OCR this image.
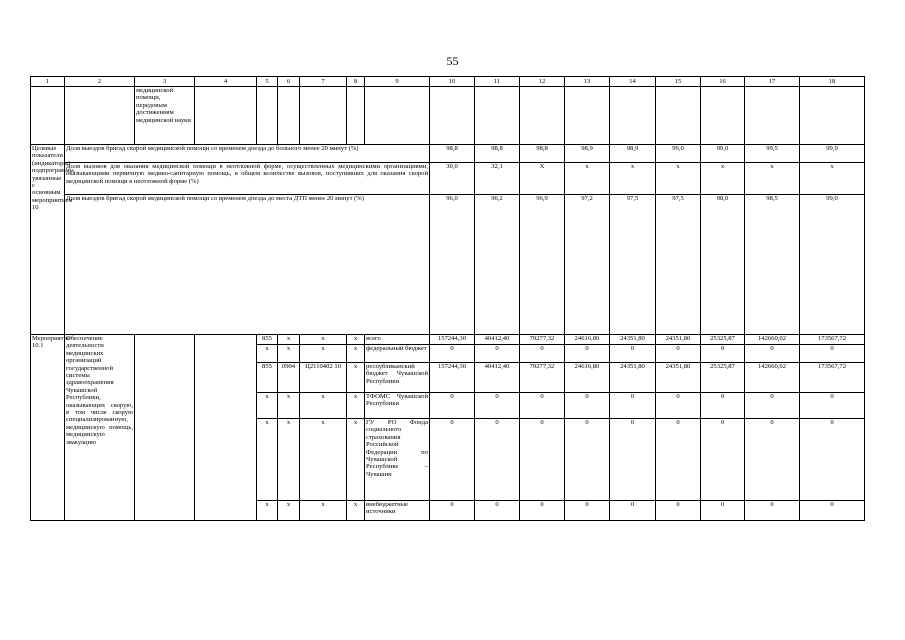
55
1	2	3	4	5	6	7	8	9	10	11	12	13	14	15	16	17	18
		медицинской помощи, передовым достижениям медицинской науки															
Целевые показатели (индикаторы) подпрограммы, увязанные с основным мероприятием 10	Доля выездов бригад скорой медицинской помощи со временем доезда до больного менее 20 минут (%)								98,8	98,8	98,8	98,9	98,9	99,0	99,0	99,5	99,9
	Доля вызовов для оказания медицинской помощи в неотложной форме, осуществленных медицинскими организациями, оказывающими первичную медико-санитарную помощь, в общем количестве вызовов, поступивших для оказания скорой медицинской помощи в неотложной форме (%)								30,0	32,1	Х	х	х	х	х	х	х
	Доля выездов бригад скорой медицинской помощи со временем доезда до места ДТП менее 20 минут (%)								96,0	96,2	96,9	97,2	97,5	97,5	98,0	98,5	99,0
Мероприятие 10.1	Обеспечение деятельности медицинских организаций государственной системы здравоохранения Чувашской Республики, оказывающих скорую, в том числе скорую специализированную, медицинскую помощь, медицинскую эвакуацию			855	х	х	х	всего	157244,30	40412,40	79277,32	24616,80	24351,80	24351,80	25325,87	142660,02	173567,72
				х	х	х	х	федеральный бюджет	0	0	0	0	0	0	0	0	0
				855	0904	Ц2110402 10	х	республиканский бюджет Чувашской Республики	157244,30	40412,40	79277,32	24616,80	24351,80	24351,80	25325,87	142660,02	173567,72
				х	х	х	х	ТФОМС Чувашской Республики	0	0	0	0	0	0	0	0	0
				х	х	х	х	ГУ РО Фонда социального страхования Российской Федерации по Чувашской Республике – Чувашии	0	0	0	0	0	0	0	0	0
				х	х	х	х	внебюджетные источники	0	0	0	0	0	0	0	0	0
